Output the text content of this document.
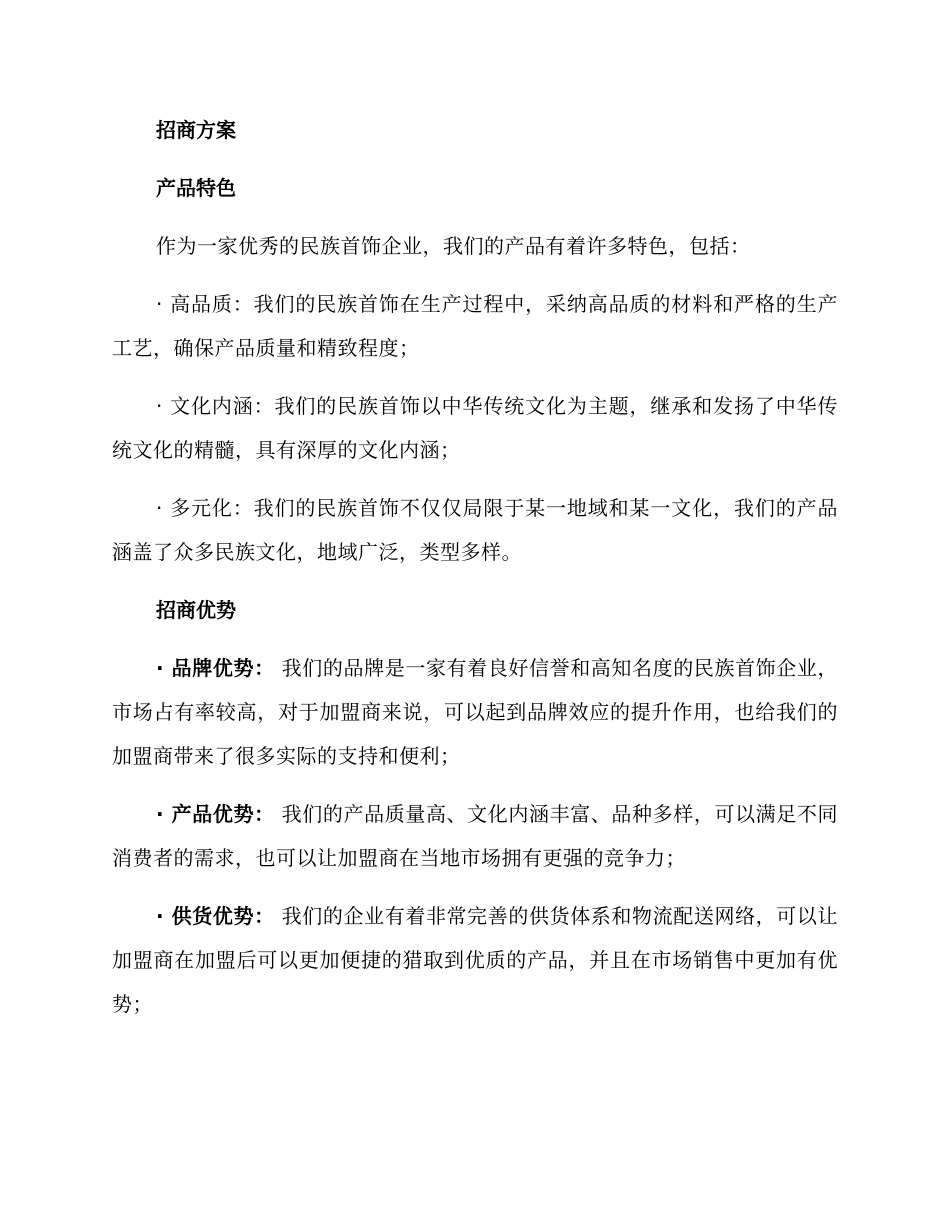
招商方案
产品特色

作为一家优秀的民族首饰企业，我们的产品有着许多特色，包括：

· 高品质：我们的民族首饰在生产过程中，采纳高品质的材料和严格的生产工艺，确保产品质量和精致程度；

· 文化内涵：我们的民族首饰以中华传统文化为主题，继承和发扬了中华传统文化的精髓，具有深厚的文化内涵；

· 多元化：我们的民族首饰不仅仅局限于某一地域和某一文化，我们的产品涵盖了众多民族文化，地域广泛，类型多样。

招商优势

· 品牌优势： 我们的品牌是一家有着良好信誉和高知名度的民族首饰企业，市场占有率较高，对于加盟商来说，可以起到品牌效应的提升作用，也给我们的加盟商带来了很多实际的支持和便利；

· 产品优势： 我们的产品质量高、文化内涵丰富、品种多样，可以满足不同消费者的需求，也可以让加盟商在当地市场拥有更强的竞争力；

· 供货优势： 我们的企业有着非常完善的供货体系和物流配送网络，可以让加盟商在加盟后可以更加便捷的猎取到优质的产品，并且在市场销售中更加有优势；
